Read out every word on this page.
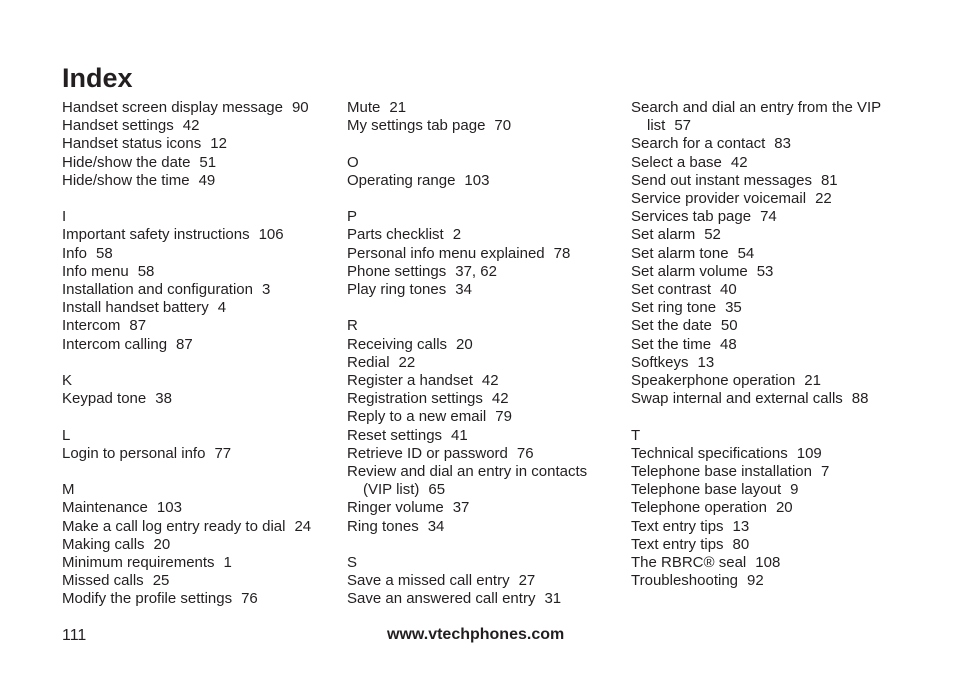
Index
Handset screen display message 90
Handset settings 42
Handset status icons 12
Hide/show the date 51
Hide/show the time 49
I
Important safety instructions 106
Info 58
Info menu 58
Installation and configuration 3
Install handset battery 4
Intercom 87
Intercom calling 87
K
Keypad tone 38
L
Login to personal info 77
M
Maintenance 103
Make a call log entry ready to dial 24
Making calls 20
Minimum requirements 1
Missed calls 25
Modify the profile settings 76
Mute 21
My settings tab page 70
O
Operating range 103
P
Parts checklist 2
Personal info menu explained 78
Phone settings 37, 62
Play ring tones 34
R
Receiving calls 20
Redial 22
Register a handset 42
Registration settings 42
Reply to a new email 79
Reset settings 41
Retrieve ID or password 76
Review and dial an entry in contacts
(VIP list) 65
Ringer volume 37
Ring tones 34
S
Save a missed call entry 27
Save an answered call entry 31
Search and dial an entry from the VIP
list 57
Search for a contact 83
Select a base 42
Send out instant messages 81
Service provider voicemail 22
Services tab page 74
Set alarm 52
Set alarm tone 54
Set alarm volume 53
Set contrast 40
Set ring tone 35
Set the date 50
Set the time 48
Softkeys 13
Speakerphone operation 21
Swap internal and external calls 88
T
Technical specifications 109
Telephone base installation 7
Telephone base layout 9
Telephone operation 20
Text entry tips 13
Text entry tips 80
The RBRC® seal 108
Troubleshooting 92
111	www.vtechphones.com
